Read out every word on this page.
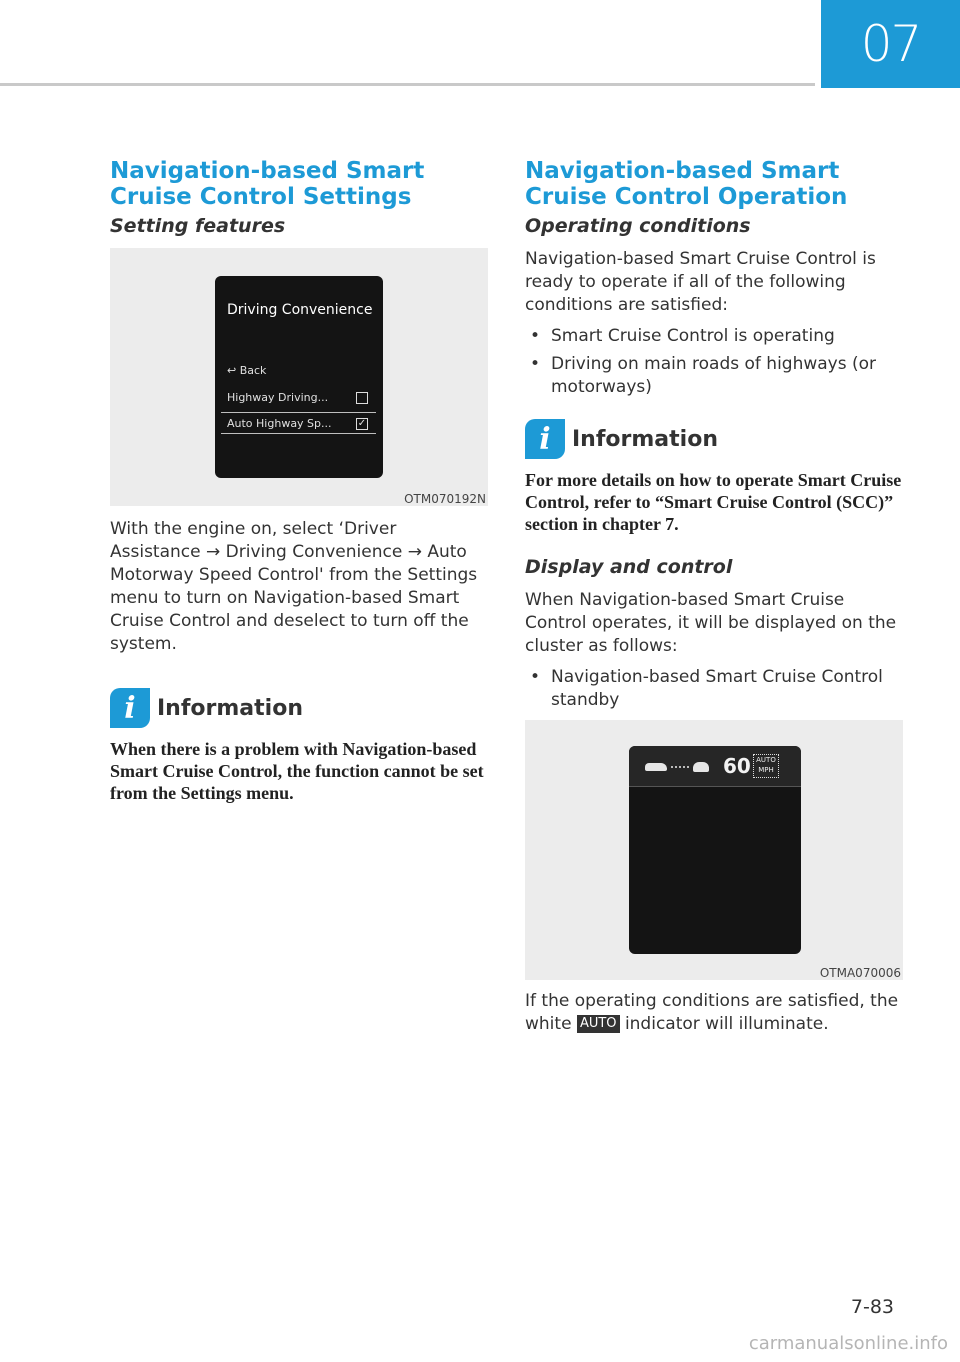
07
Navigation-based Smart Cruise Control Settings
Setting features
Driving Convenience
↩ Back
Highway Driving...
Auto Highway Sp...	✓
OTM070192N

With the engine on, select ‘Driver Assistance → Driving Convenience → Auto Motorway Speed Control' from the Settings menu to turn on Navigation-based Smart Cruise Control and deselect to turn off the system.

i Information

When there is a problem with Navigation-based Smart Cruise Control, the function cannot be set from the Settings menu.

Navigation-based Smart Cruise Control Operation
Operating conditions

Navigation-based Smart Cruise Control is ready to operate if all of the following conditions are satisfied:

• Smart Cruise Control is operating
• Driving on main roads of highways (or motorways)
i Information

For more details on how to operate Smart Cruise Control, refer to “Smart Cruise Control (SCC)” section in chapter 7.

Display and control

When Navigation-based Smart Cruise Control operates, it will be displayed on the cluster as follows:

• Navigation-based Smart Cruise Control standby
60 AUTO
MPH
OTMA070006

If the operating conditions are satisfied, the white AUTO indicator will illuminate.

7-83
carmanualsonline.info
